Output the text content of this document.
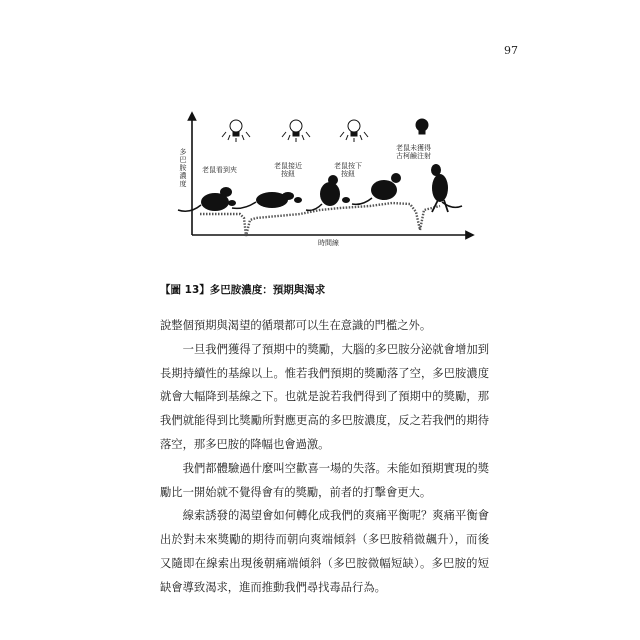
97
多巴胺濃度
時間線
老鼠看到夾	老鼠接近
按鈕
老鼠按下
按鈕
老鼠未獲得
古柯鹼注射
【圖 13】多巴胺濃度：預期與渴求

說整個預期與渴望的循環都可以生在意識的門檻之外。

一旦我們獲得了預期中的獎勵，大腦的多巴胺分泌就會增加到長期持續性的基線以上。惟若我們預期的獎勵落了空，多巴胺濃度就會大幅降到基線之下。也就是說若我們得到了預期中的獎勵，那我們就能得到比獎勵所對應更高的多巴胺濃度，反之若我們的期待落空，那多巴胺的降幅也會過激。

我們都體驗過什麼叫空歡喜一場的失落。未能如預期實現的獎勵比一開始就不覺得會有的獎勵，前者的打擊會更大。

線索誘發的渴望會如何轉化成我們的爽痛平衡呢？爽痛平衡會出於對未來獎勵的期待而朝向爽端傾斜（多巴胺稍微飆升），而後又隨即在線索出現後朝痛端傾斜（多巴胺微幅短缺）。多巴胺的短缺會導致渴求，進而推動我們尋找毒品行為。
